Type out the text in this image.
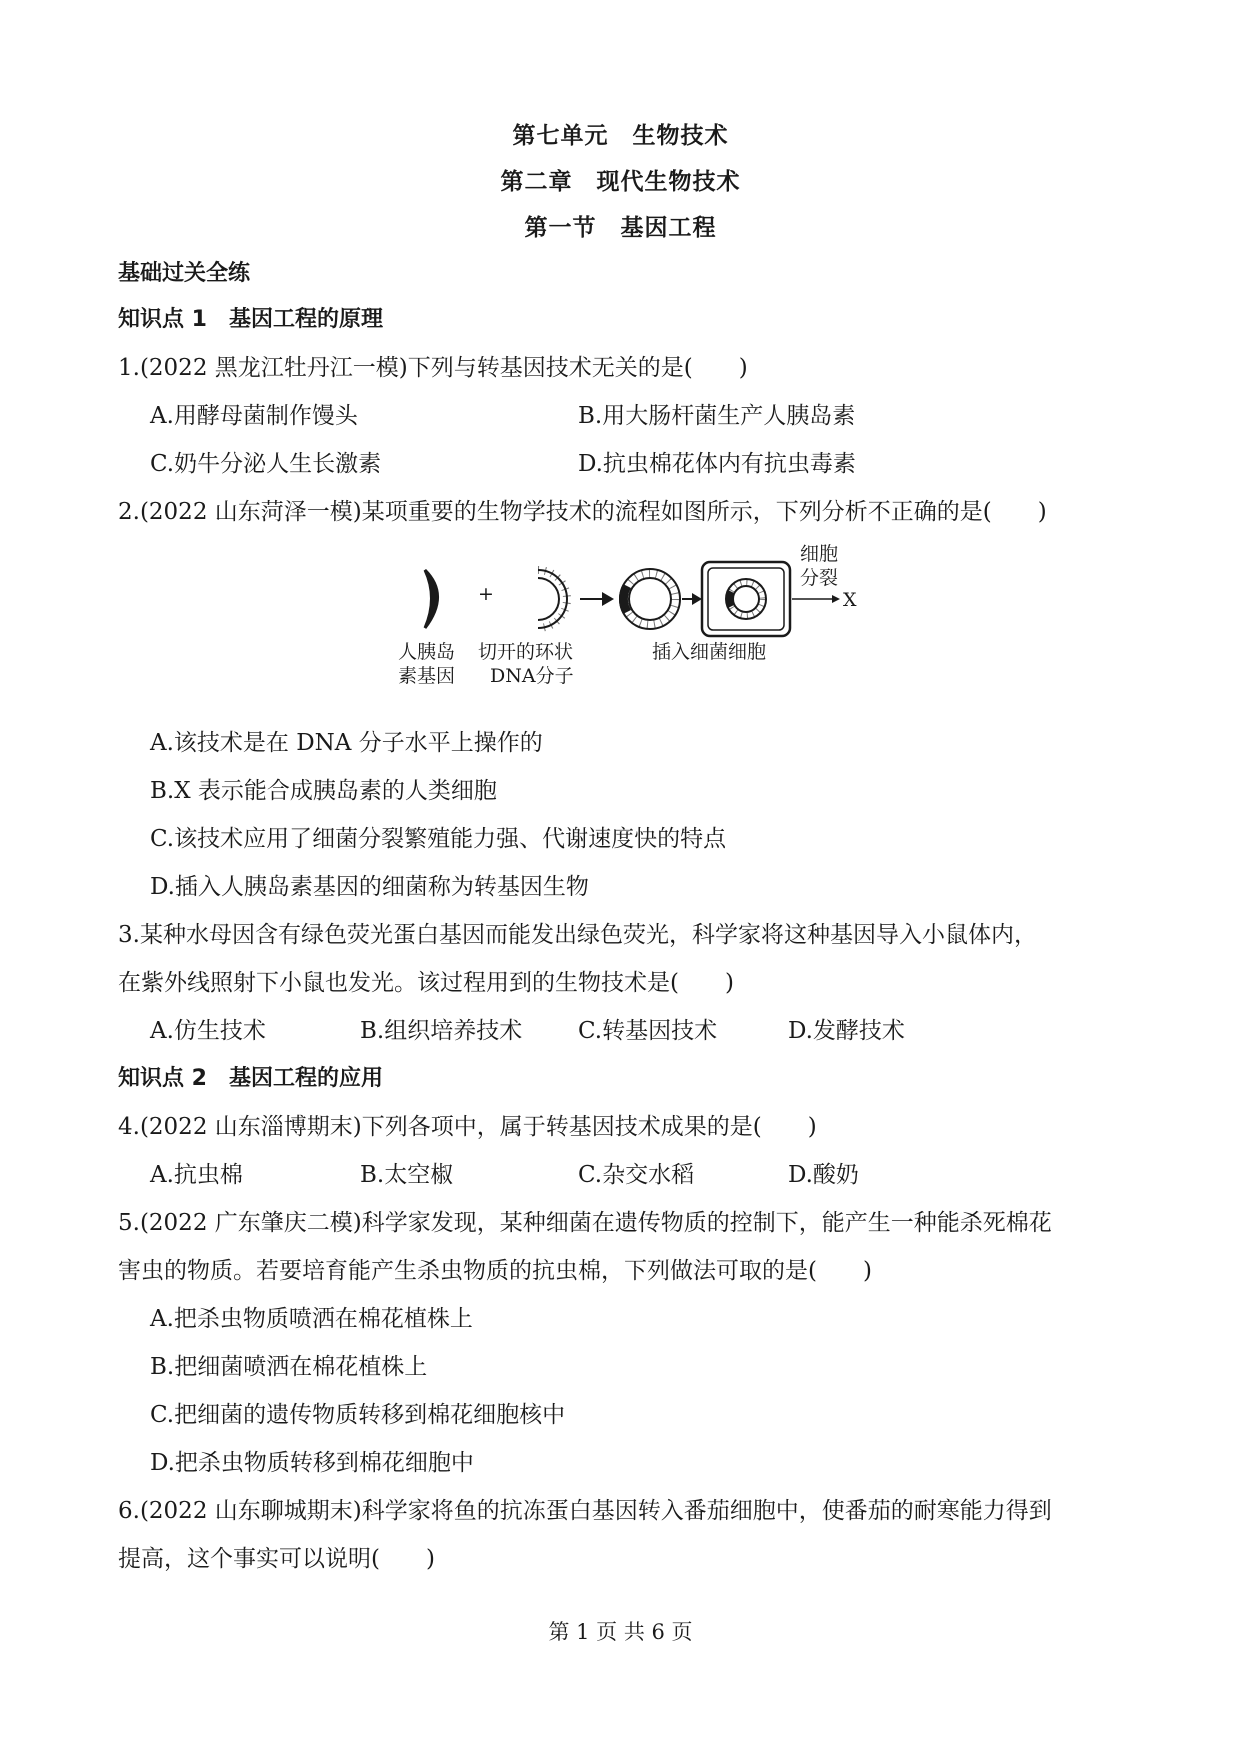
第七单元　生物技术
第二章　现代生物技术
第一节　基因工程
基础过关全练
知识点 1　基因工程的原理
1.(2022 黑龙江牡丹江一模)下列与转基因技术无关的是( )
A.用酵母菌制作馒头	B.用大肠杆菌生产人胰岛素
C.奶牛分泌人生长激素	D.抗虫棉花体内有抗虫毒素
2.(2022 山东菏泽一模)某项重要的生物学技术的流程如图所示，下列分析不正确的是( )
+
细胞
分裂
X
人胰岛
素基因
切开的环状
DNA分子
插入细菌细胞
A.该技术是在 DNA 分子水平上操作的
B.X 表示能合成胰岛素的人类细胞
C.该技术应用了细菌分裂繁殖能力强、代谢速度快的特点
D.插入人胰岛素基因的细菌称为转基因生物
3.某种水母因含有绿色荧光蛋白基因而能发出绿色荧光，科学家将这种基因导入小鼠体内，
在紫外线照射下小鼠也发光。该过程用到的生物技术是( )
A.仿生技术	B.组织培养技术 C.转基因技术	D.发酵技术
知识点 2　基因工程的应用
4.(2022 山东淄博期末)下列各项中，属于转基因技术成果的是( )
A.抗虫棉	B.太空椒	C.杂交水稻	D.酸奶
5.(2022 广东肇庆二模)科学家发现，某种细菌在遗传物质的控制下，能产生一种能杀死棉花
害虫的物质。若要培育能产生杀虫物质的抗虫棉，下列做法可取的是( )
A.把杀虫物质喷洒在棉花植株上
B.把细菌喷洒在棉花植株上
C.把细菌的遗传物质转移到棉花细胞核中
D.把杀虫物质转移到棉花细胞中
6.(2022 山东聊城期末)科学家将鱼的抗冻蛋白基因转入番茄细胞中，使番茄的耐寒能力得到
提高，这个事实可以说明( )
第 1 页 共 6 页
